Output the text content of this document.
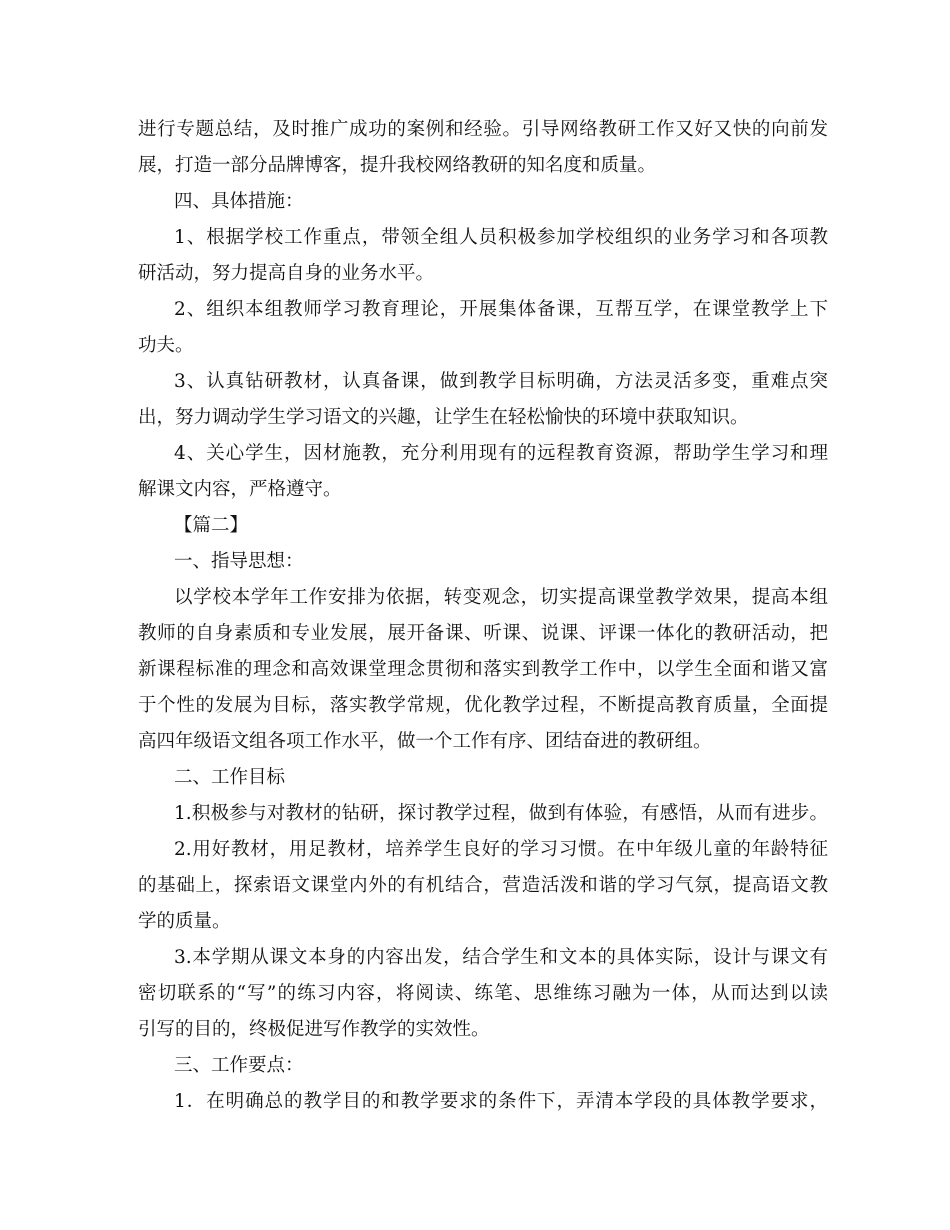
进行专题总结，及时推广成功的案例和经验。引导网络教研工作又好又快的向前发
展，打造一部分品牌博客，提升我校网络教研的知名度和质量。
四、具体措施：
1、根据学校工作重点，带领全组人员积极参加学校组织的业务学习和各项教
研活动，努力提高自身的业务水平。
2、组织本组教师学习教育理论，开展集体备课，互帮互学，在课堂教学上下
功夫。
3、认真钻研教材，认真备课，做到教学目标明确，方法灵活多变，重难点突
出，努力调动学生学习语文的兴趣，让学生在轻松愉快的环境中获取知识。
4、关心学生，因材施教，充分利用现有的远程教育资源，帮助学生学习和理
解课文内容，严格遵守。
【篇二】
一、指导思想：
以学校本学年工作安排为依据，转变观念，切实提高课堂教学效果，提高本组
教师的自身素质和专业发展，展开备课、听课、说课、评课一体化的教研活动，把
新课程标准的理念和高效课堂理念贯彻和落实到教学工作中，以学生全面和谐又富
于个性的发展为目标，落实教学常规，优化教学过程，不断提高教育质量，全面提
高四年级语文组各项工作水平，做一个工作有序、团结奋进的教研组。
二、工作目标
1.积极参与对教材的钻研，探讨教学过程，做到有体验，有感悟，从而有进步。
2.用好教材，用足教材，培养学生良好的学习习惯。在中年级儿童的年龄特征
的基础上，探索语文课堂内外的有机结合，营造活泼和谐的学习气氛，提高语文教
学的质量。
3.本学期从课文本身的内容出发，结合学生和文本的具体实际，设计与课文有
密切联系的“写”的练习内容，将阅读、练笔、思维练习融为一体，从而达到以读
引写的目的，终极促进写作教学的实效性。
三、工作要点：
1．在明确总的教学目的和教学要求的条件下，弄清本学段的具体教学要求，
